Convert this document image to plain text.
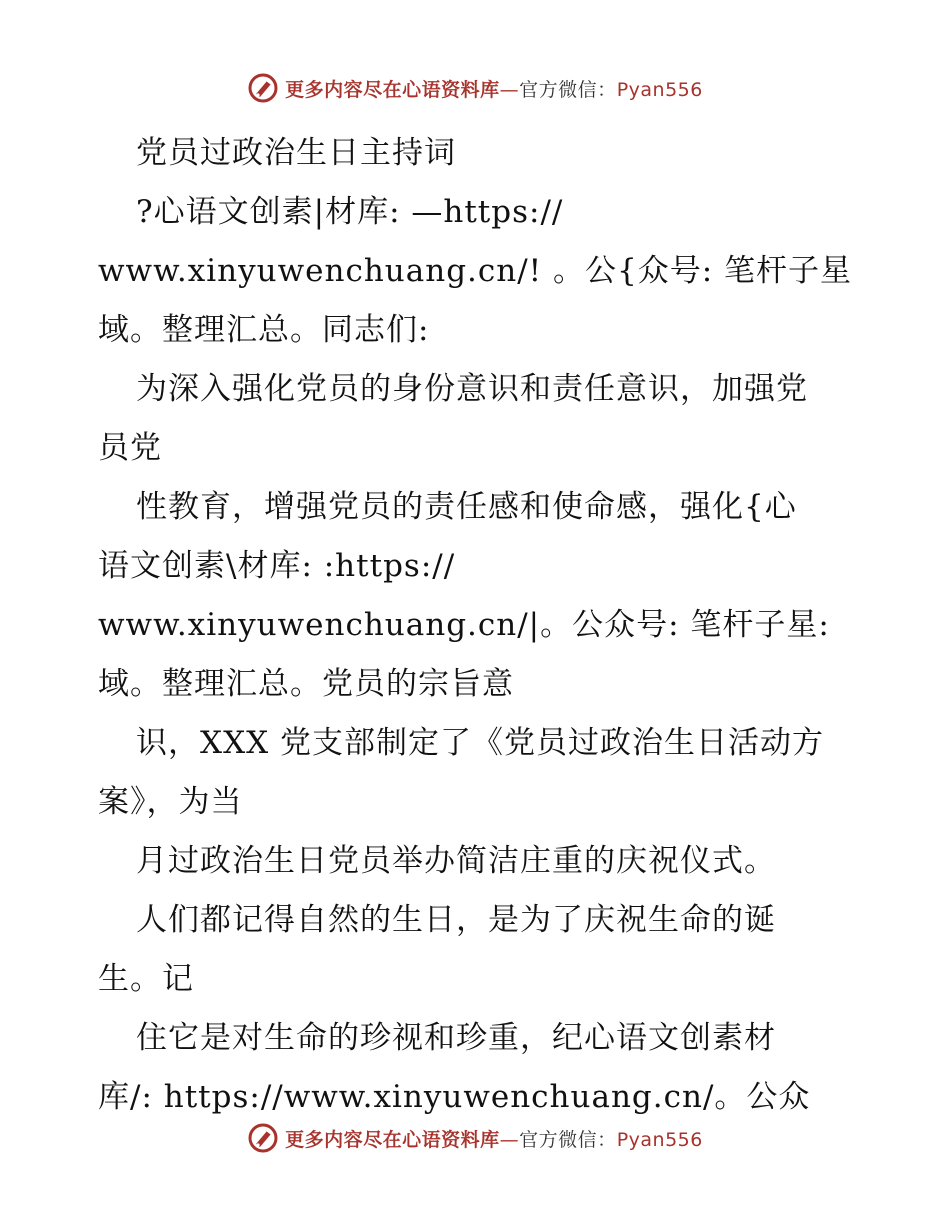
更多内容尽在心语资料库—官方微信：Pyan556
党员过政治生日主持词
?心语文创素|材库: —https://
www.xinyuwenchuang.cn/! 。公{众号: 笔杆子星
域。整理汇总。同志们:
为深入强化党员的身份意识和责任意识，加强党
员党
性教育，增强党员的责任感和使命感，强化{心
语文创素\材库: :https://
www.xinyuwenchuang.cn/|。公众号: 笔杆子星:
域。整理汇总。党员的宗旨意
识，XXX 党支部制定了《党员过政治生日活动方
案》，为当
月过政治生日党员举办简洁庄重的庆祝仪式。
人们都记得自然的生日，是为了庆祝生命的诞
生。记
住它是对生命的珍视和珍重，纪心语文创素材
库/: https://www.xinyuwenchuang.cn/。公众
更多内容尽在心语资料库—官方微信：Pyan556
